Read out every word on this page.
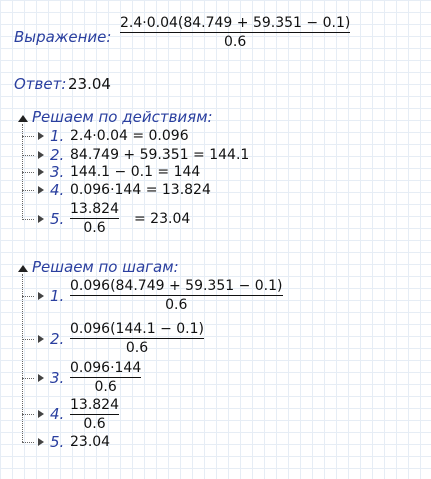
Выражение:
2.4·0.04(84.749 + 59.351 − 0.1)
0.6
Ответ: 23.04
Решаем по действиям:
1. 2.4·0.04 = 0.096
2. 84.749 + 59.351 = 144.1
3. 144.1 − 0.1 = 144
4. 0.096·144 = 13.824
5.
13.824
0.6
= 23.04
Решаем по шагам:
1.
0.096(84.749 + 59.351 − 0.1)
0.6
2.
0.096(144.1 − 0.1)
0.6
3.
0.096·144
0.6
4. 13.824
0.6
5. 23.04
